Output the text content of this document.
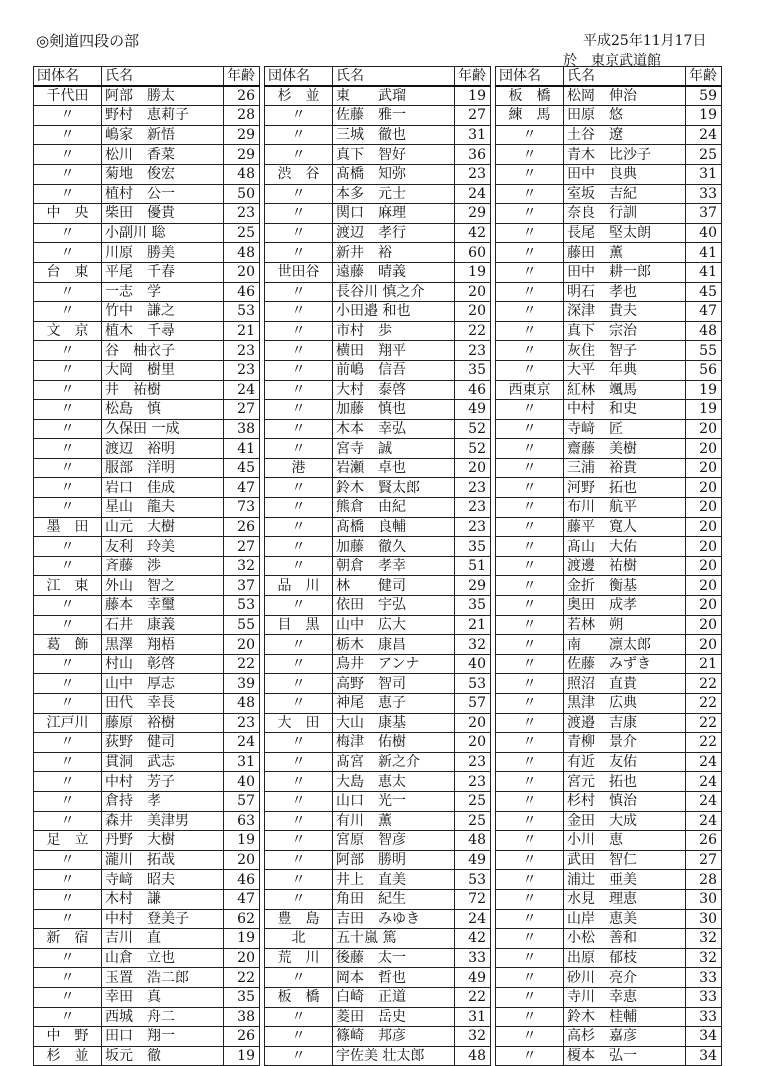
◎剣道四段の部	平成25年11月17日
於　東京武道館
団体名	氏名	年齢
千代田	阿部　勝太	26
〃	野村　恵莉子	28
〃	嶋家　新悟	29
〃	松川　香菜	29
〃	菊地　俊宏	48
〃	植村　公一	50
中　央	柴田　優貴	23
〃	小副川 聡	25
〃	川原　勝美	48
台　東	平尾　千春	20
〃	一志　学	46
〃	竹中　謙之	53
文　京	植木　千尋	21
〃	谷　柚衣子	23
〃	大岡　樹里	23
〃	井　祐樹	24
〃	松島　慎	27
〃	久保田 一成	38
〃	渡辺　裕明	41
〃	服部　洋明	45
〃	岩口　佳成	47
〃	星山　龍夫	73
墨　田	山元　大樹	26
〃	友利　玲美	27
〃	斉藤　渉	32
江　東	外山　智之	37
〃	藤本　幸璽	53
〃	石井　康義	55
葛　飾	黒澤　翔梧	20
〃	村山　彰啓	22
〃	山中　厚志	39
〃	田代　幸長	48
江戸川	藤原　裕樹	23
〃	荻野　健司	24
〃	貫洞　武志	31
〃	中村　芳子	40
〃	倉持　孝	57
〃	森井　美津男	63
足　立	丹野　大樹	19
〃	瀧川　拓哉	20
〃	寺﨑　昭夫	46
〃	木村　謙	47
〃	中村　登美子	62
新　宿	吉川　直	19
〃	山倉　立也	20
〃	玉置　浩二郎	22
〃	幸田　真	35
〃	西城　舟二	38
中　野	田口　翔一	26
杉　並	坂元　徹	19
団体名	氏名	年齢
杉　並	東　　武瑠	19
〃	佐藤　雅一	27
〃	三城　徹也	31
〃	真下　智好	36
渋　谷	髙橋　知弥	23
〃	本多　元士	24
〃	関口　麻理	29
〃	渡辺　孝行	42
〃	新井　裕	60
世田谷	遠藤　晴義	19
〃	長谷川 慎之介	20
〃	小田邉 和也	20
〃	市村　歩	22
〃	横田　翔平	23
〃	前嶋　信吾	35
〃	大村　泰啓	46
〃	加藤　慎也	49
〃	木本　幸弘	52
〃	宮寺　誠	52
港	岩瀬　卓也	20
〃	鈴木　賢太郎	23
〃	熊倉　由紀	23
〃	髙橋　良輔	23
〃	加藤　徹久	35
〃	朝倉　孝幸	51
品　川	林　　健司	29
〃	依田　宇弘	35
目　黒	山中　広大	21
〃	栃木　康昌	32
〃	鳥井　アンナ	40
〃	高野　智司	53
〃	神尾　恵子	57
大　田	大山　康基	20
〃	梅津　佑樹	20
〃	髙宮　新之介	23
〃	大島　恵太	23
〃	山口　光一	25
〃	有川　薫	25
〃	宮原　智彦	48
〃	阿部　勝明	49
〃	井上　直美	53
〃	角田　紀生	72
豊　島	吉田　みゆき	24
北	五十嵐 篤	42
荒　川	後藤　太一	33
〃	岡本　哲也	49
板　橋	白崎　正道	22
〃	菱田　岳史	31
〃	篠崎　邦彦	32
〃	宇佐美 壮太郎	48
団体名	氏名	年齢
板　橋	松岡　伸治	59
練　馬	田原　悠	19
〃	土谷　遼	24
〃	青木　比沙子	25
〃	田中　良典	31
〃	室坂　吉紀	33
〃	奈良　行訓	37
〃	長尾　堅太朗	40
〃	藤田　薫	41
〃	田中　耕一郎	41
〃	明石　孝也	45
〃	深津　貴夫	47
〃	真下　宗治	48
〃	灰住　智子	55
〃	大平　年典	56
西東京	紅林　颯馬	19
〃	中村　和史	19
〃	寺﨑　匠	20
〃	齋藤　美樹	20
〃	三浦　裕貴	20
〃	河野　拓也	20
〃	布川　航平	20
〃	藤平　寛人	20
〃	髙山　大佑	20
〃	渡邊　祐樹	20
〃	金折　衡基	20
〃	奥田　成孝	20
〃	若林　朔	20
〃	南　　凛太郎	20
〃	佐藤　みずき	21
〃	照沼　直貴	22
〃	黒津　広典	22
〃	渡邉　吉康	22
〃	青柳　景介	22
〃	有近　友佑	24
〃	宮元　拓也	24
〃	杉村　慎治	24
〃	金田　大成	24
〃	小川　恵	26
〃	武田　智仁	27
〃	浦辻　亜美	28
〃	水見　理恵	30
〃	山岸　恵美	30
〃	小松　善和	32
〃	出原　郁枝	32
〃	砂川　亮介	33
〃	寺川　幸恵	33
〃	鈴木　桂輔	33
〃	高杉　嘉彦	34
〃	榎本　弘一	34
